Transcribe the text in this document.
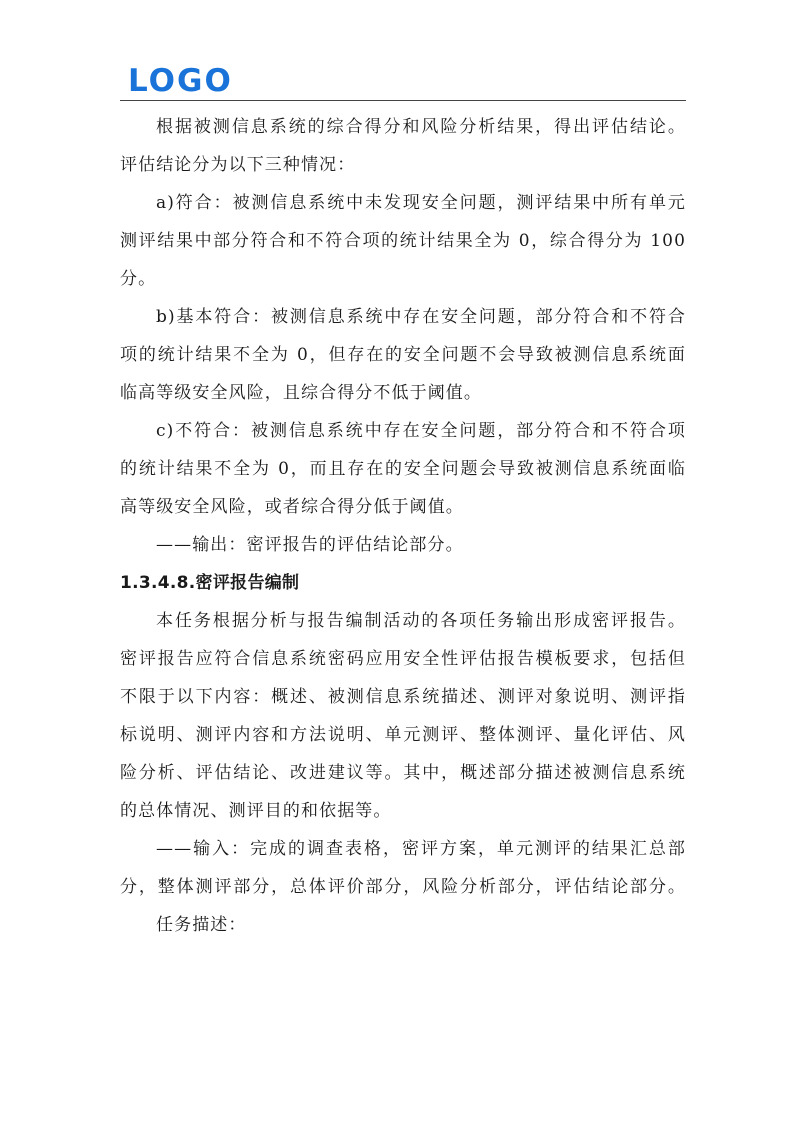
LOGO
根据被测信息系统的综合得分和风险分析结果，得出评估结论。
评估结论分为以下三种情况：
a)符合：被测信息系统中未发现安全问题，测评结果中所有单元
测评结果中部分符合和不符合项的统计结果全为 0，综合得分为 100
分。
b)基本符合：被测信息系统中存在安全问题，部分符合和不符合
项的统计结果不全为 0，但存在的安全问题不会导致被测信息系统面
临高等级安全风险，且综合得分不低于阈值。
c)不符合：被测信息系统中存在安全问题，部分符合和不符合项
的统计结果不全为 0，而且存在的安全问题会导致被测信息系统面临
高等级安全风险，或者综合得分低于阈值。
——输出：密评报告的评估结论部分。
1.3.4.8.密评报告编制
本任务根据分析与报告编制活动的各项任务输出形成密评报告。
密评报告应符合信息系统密码应用安全性评估报告模板要求，包括但
不限于以下内容：概述、被测信息系统描述、测评对象说明、测评指
标说明、测评内容和方法说明、单元测评、整体测评、量化评估、风
险分析、评估结论、改进建议等。其中，概述部分描述被测信息系统
的总体情况、测评目的和依据等。
——输入：完成的调查表格，密评方案，单元测评的结果汇总部
分，整体测评部分，总体评价部分，风险分析部分，评估结论部分。
任务描述：
